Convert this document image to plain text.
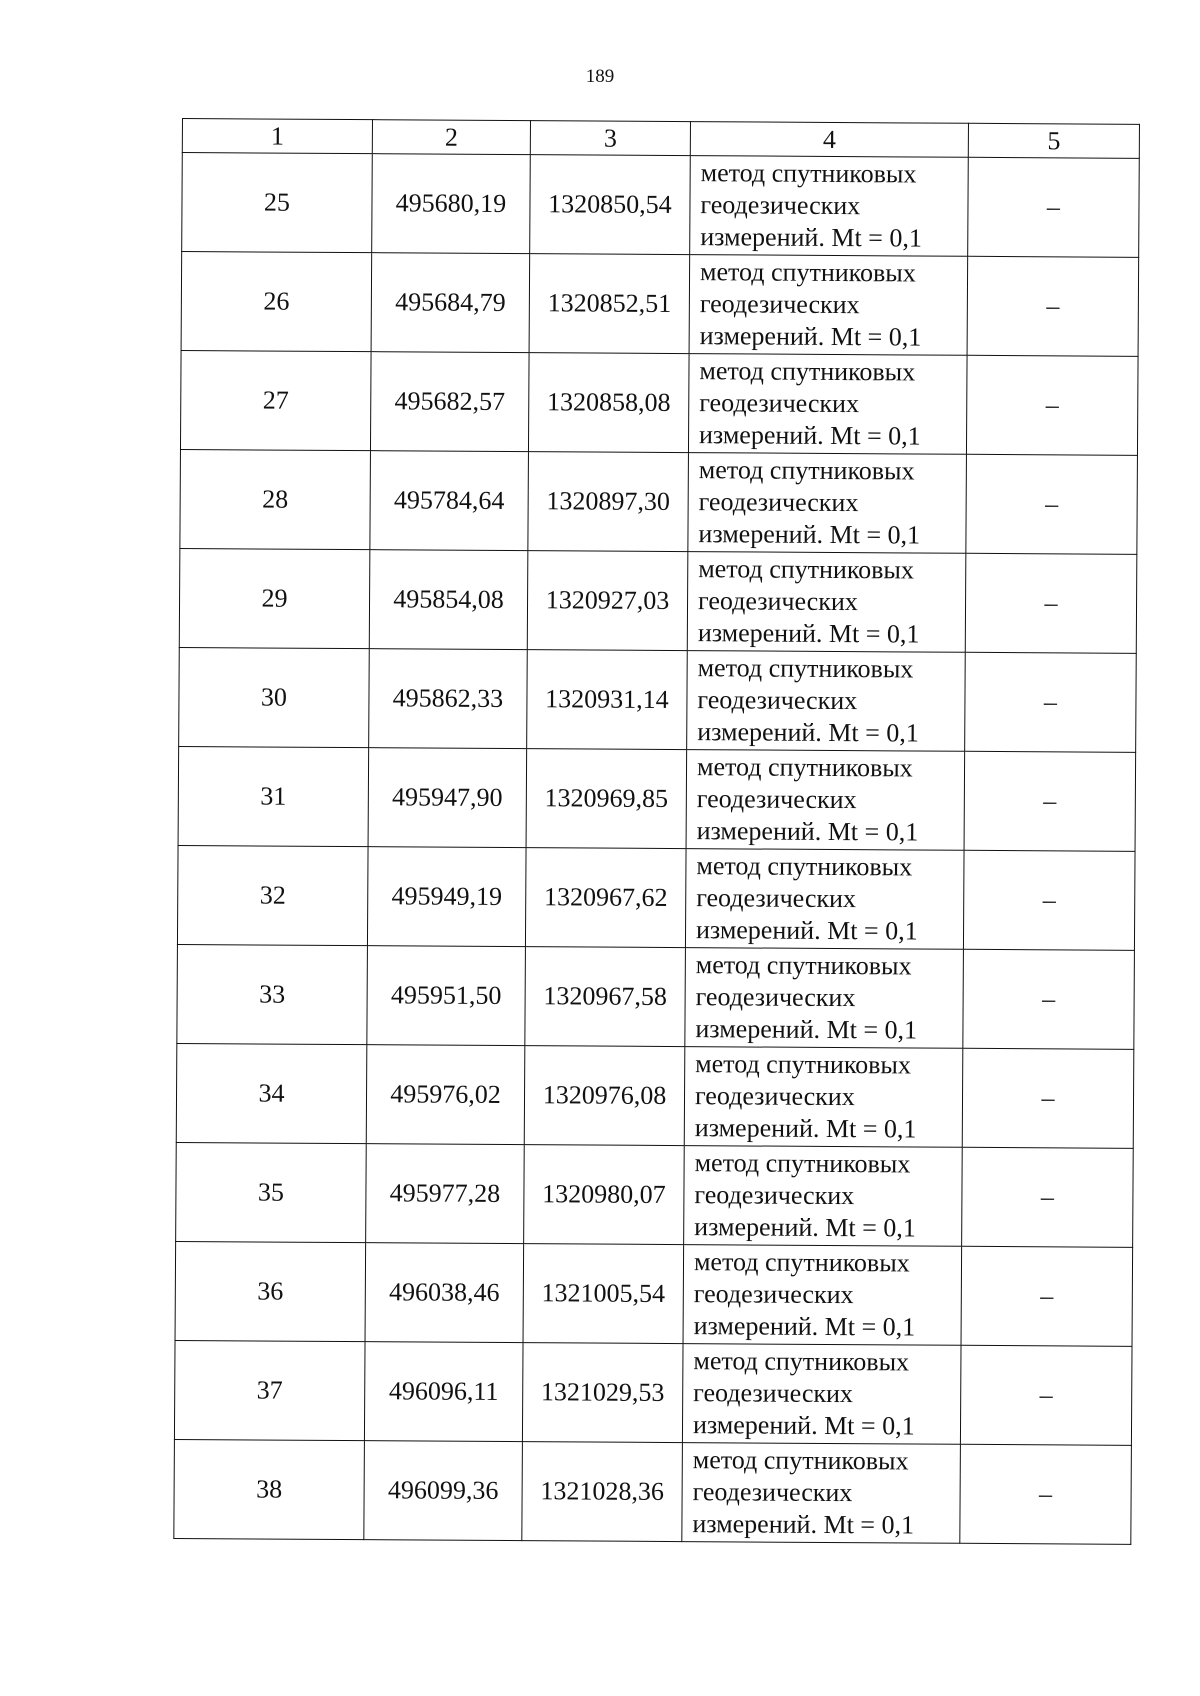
189
1	2	3	4	5
25	495680,19	1320850,54	метод спутниковых
геодезических
измерений. Mt = 0,1	–
26	495684,79	1320852,51	метод спутниковых
геодезических
измерений. Mt = 0,1	–
27	495682,57	1320858,08	метод спутниковых
геодезических
измерений. Mt = 0,1	–
28	495784,64	1320897,30	метод спутниковых
геодезических
измерений. Mt = 0,1	–
29	495854,08	1320927,03	метод спутниковых
геодезических
измерений. Mt = 0,1	–
30	495862,33	1320931,14	метод спутниковых
геодезических
измерений. Mt = 0,1	–
31	495947,90	1320969,85	метод спутниковых
геодезических
измерений. Mt = 0,1	–
32	495949,19	1320967,62	метод спутниковых
геодезических
измерений. Mt = 0,1	–
33	495951,50	1320967,58	метод спутниковых
геодезических
измерений. Mt = 0,1	–
34	495976,02	1320976,08	метод спутниковых
геодезических
измерений. Mt = 0,1	–
35	495977,28	1320980,07	метод спутниковых
геодезических
измерений. Mt = 0,1	–
36	496038,46	1321005,54	метод спутниковых
геодезических
измерений. Mt = 0,1	–
37	496096,11	1321029,53	метод спутниковых
геодезических
измерений. Mt = 0,1	–
38	496099,36	1321028,36	метод спутниковых
геодезических
измерений. Mt = 0,1	–
